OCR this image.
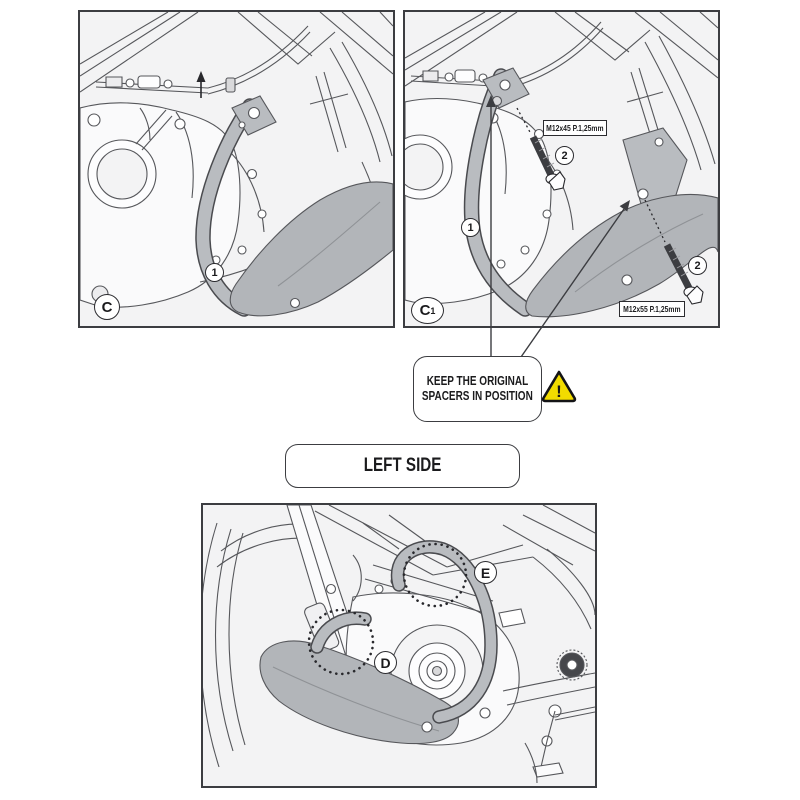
1
C
M12x45 P.1,25mm
M12x55 P.1,25mm
1
2
2
C 1
KEEP THE ORIGINAL
SPACERS IN POSITION !
LEFT SIDE
E
D
